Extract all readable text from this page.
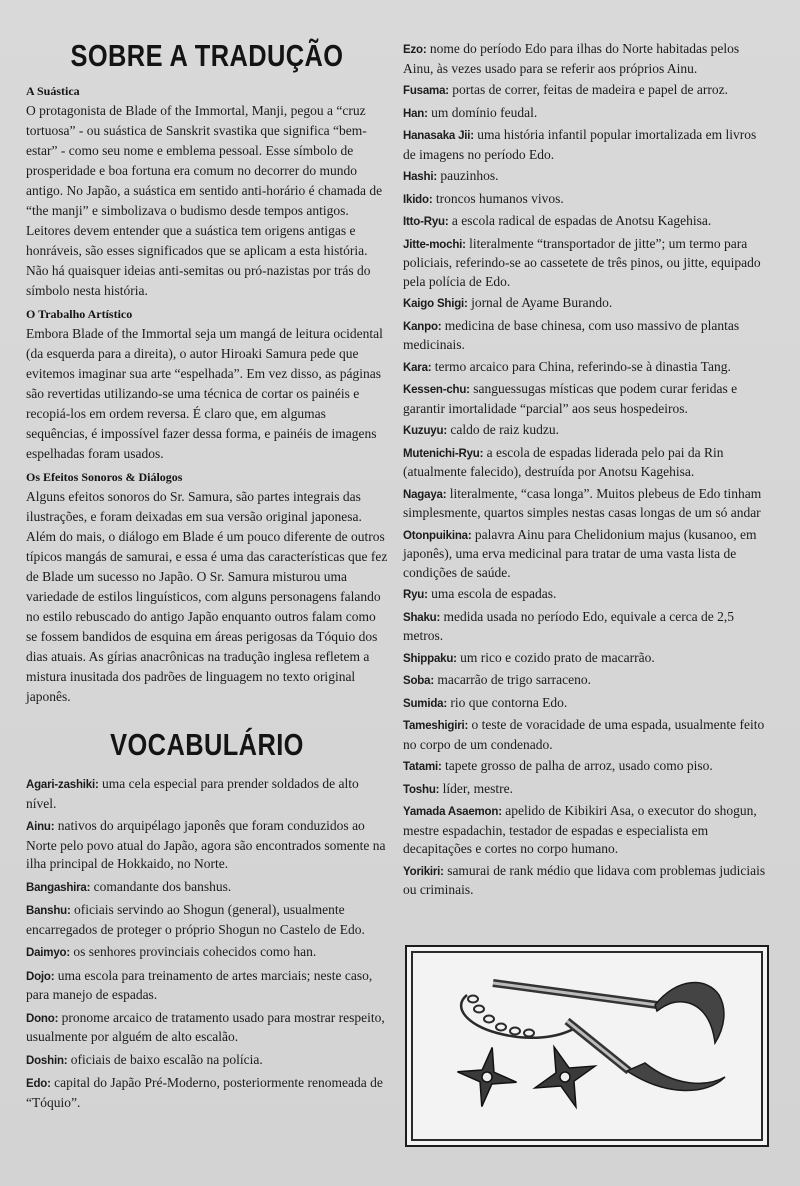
SOBRE A TRADUÇÃO
A Suástica

O protagonista de Blade of the Immortal, Manji, pegou a “cruz tortuosa” - ou suástica de Sanskrit svastika que significa “bem-estar” - como seu nome e emblema pessoal. Esse símbolo de prosperidade e boa fortuna era comum no decorrer do mundo antigo. No Japão, a suástica em sentido anti-horário é chamada de “the manji” e simbolizava o budismo desde tempos antigos. Leitores devem entender que a suástica tem origens antigas e honráveis, são esses significados que se aplicam a esta história. Não há quaisquer ideias anti-semitas ou pró-nazistas por trás do símbolo nesta história.

O Trabalho Artístico

Embora Blade of the Immortal seja um mangá de leitura ocidental (da esquerda para a direita), o autor Hiroaki Samura pede que evitemos imaginar sua arte “espelhada”. Em vez disso, as páginas são revertidas utilizando-se uma técnica de cortar os painéis e recopiá-los em ordem reversa. É claro que, em algumas sequências, é impossível fazer dessa forma, e painéis de imagens espelhadas foram usados.

Os Efeitos Sonoros & Diálogos

Alguns efeitos sonoros do Sr. Samura, são partes integrais das ilustrações, e foram deixadas em sua versão original japonesa. Além do mais, o diálogo em Blade é um pouco diferente de outros típicos mangás de samurai, e essa é uma das características que fez de Blade um sucesso no Japão. O Sr. Samura misturou uma variedade de estilos linguísticos, com alguns personagens falando no estilo rebuscado do antigo Japão enquanto outros falam como se fossem bandidos de esquina em áreas perigosas da Tóquio dos dias atuais. As gírias anacrônicas na tradução inglesa refletem a mistura inusitada dos padrões de linguagem no texto original japonês.

VOCABULÁRIO

Agari-zashiki: uma cela especial para prender soldados de alto nível.

Ainu: nativos do arquipélago japonês que foram conduzidos ao Norte pelo povo atual do Japão, agora são encontrados somente na ilha principal de Hokkaido, no Norte.

Bangashira: comandante dos banshus.

Banshu: oficiais servindo ao Shogun (general), usualmente encarregados de proteger o próprio Shogun no Castelo de Edo.

Daimyo: os senhores provinciais cohecidos como han.

Dojo: uma escola para treinamento de artes marciais; neste caso, para manejo de espadas.

Dono: pronome arcaico de tratamento usado para mostrar respeito, usualmente por alguém de alto escalão.

Doshin: oficiais de baixo escalão na polícia.

Edo: capital do Japão Pré-Moderno, posteriormente renomeada de “Tóquio”.

Ezo: nome do período Edo para ilhas do Norte habitadas pelos Ainu, às vezes usado para se referir aos próprios Ainu.

Fusama: portas de correr, feitas de madeira e papel de arroz.

Han: um domínio feudal.

Hanasaka Jii: uma história infantil popular imortalizada em livros de imagens no período Edo.

Hashi: pauzinhos.

Ikido: troncos humanos vivos.

Itto-Ryu: a escola radical de espadas de Anotsu Kagehisa.

Jitte-mochi: literalmente “transportador de jitte”; um termo para policiais, referindo-se ao cassetete de três pinos, ou jitte, equipado pela polícia de Edo.

Kaigo Shigi: jornal de Ayame Burando.

Kanpo: medicina de base chinesa, com uso massivo de plantas medicinais.

Kara: termo arcaico para China, referindo-se à dinastia Tang.

Kessen-chu: sanguessugas místicas que podem curar feridas e garantir imortalidade “parcial” aos seus hospedeiros.

Kuzuyu: caldo de raiz kudzu.

Mutenichi-Ryu: a escola de espadas liderada pelo pai da Rin (atualmente falecido), destruída por Anotsu Kagehisa.

Nagaya: literalmente, “casa longa”. Muitos plebeus de Edo tinham simplesmente, quartos simples nestas casas longas de um só andar

Otonpuikina: palavra Ainu para Chelidonium majus (kusanoo, em japonês), uma erva medicinal para tratar de uma vasta lista de condições de saúde.

Ryu: uma escola de espadas.

Shaku: medida usada no período Edo, equivale a cerca de 2,5 metros.

Shippaku: um rico e cozido prato de macarrão.

Soba: macarrão de trigo sarraceno.

Sumida: rio que contorna Edo.

Tameshigiri: o teste de voracidade de uma espada, usualmente feito no corpo de um condenado.

Tatami: tapete grosso de palha de arroz, usado como piso.

Toshu: líder, mestre.

Yamada Asaemon: apelido de Kibikiri Asa, o executor do shogun, mestre espadachin, testador de espadas e especialista em decapitações e cortes no corpo humano.

Yorikiri: samurai de rank médio que lidava com problemas judiciais ou criminais.
